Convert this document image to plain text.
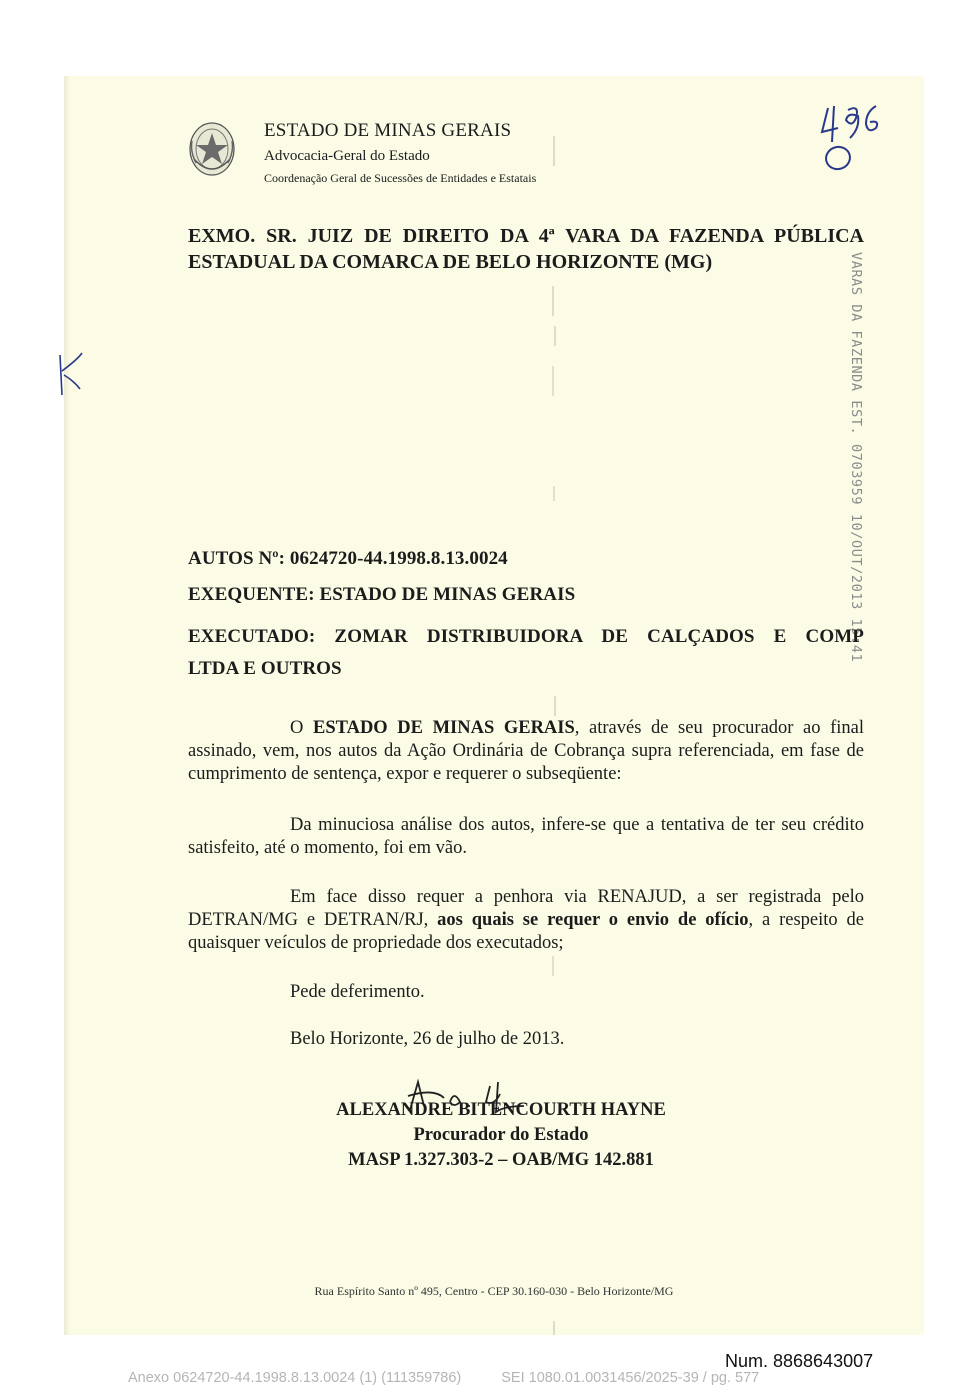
ESTADO DE MINAS GERAIS
Advocacia-Geral do Estado
Coordenação Geral de Sucessões de Entidades e Estatais
VARAS DA FAZENDA EST. 0703959 10/OUT/2013 15:41
EXMO. SR. JUIZ DE DIREITO DA 4ª VARA DA FAZENDA PÚBLICA
ESTADUAL DA COMARCA DE BELO HORIZONTE (MG)
AUTOS Nº: 0624720-44.1998.8.13.0024
EXEQUENTE: ESTADO DE MINAS GERAIS
EXECUTADO: ZOMAR DISTRIBUIDORA DE CALÇADOS E COMP
LTDA E OUTROS
O ESTADO DE MINAS GERAIS, através de seu procurador ao final assinado, vem, nos autos da Ação Ordinária de Cobrança supra referenciada, em fase de cumprimento de sentença, expor e requerer o subseqüente:
Da minuciosa análise dos autos, infere-se que a tentativa de ter seu crédito satisfeito, até o momento, foi em vão.
Em face disso requer a penhora via RENAJUD, a ser registrada pelo DETRAN/MG e DETRAN/RJ, aos quais se requer o envio de ofício, a respeito de quaisquer veículos de propriedade dos executados;
Pede deferimento.
Belo Horizonte, 26 de julho de 2013.
ALEXANDRE BITENCOURTH HAYNE
Procurador do Estado
MASP 1.327.303-2 – OAB/MG 142.881
Rua Espírito Santo nº 495, Centro - CEP 30.160-030 - Belo Horizonte/MG
Num. 8868643007
Anexo 0624720-44.1998.8.13.0024 (1) (111359786)	SEI 1080.01.0031456/2025-39 / pg. 577
